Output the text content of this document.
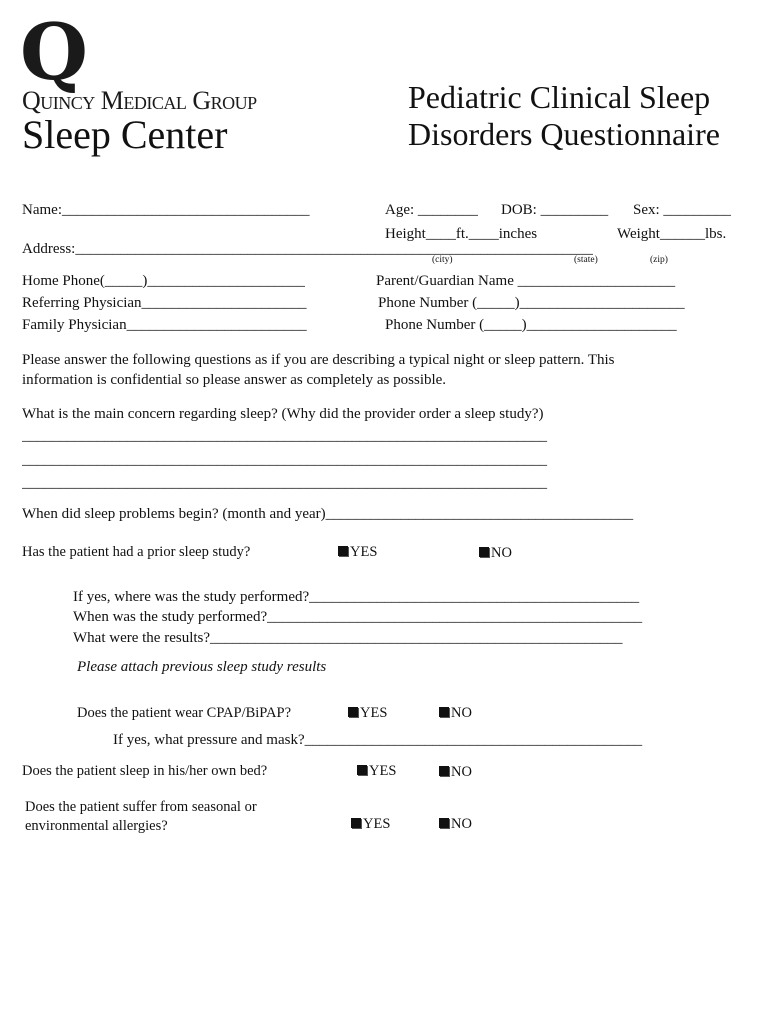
Q
Quincy Medical Group
Sleep Center
Pediatric Clinical Sleep
Disorders Questionnaire
Name:_________________________________	Age: ________ DOB: _________ Sex: _________
Height____ft.____inches	Weight______lbs.
Address:_____________________________________________________________________
(city)	(state)	(zip)
Home Phone(_____)_____________________	Parent/Guardian Name _____________________
Referring Physician______________________	Phone Number (_____)______________________
Family Physician________________________	Phone Number (_____)____________________
Please answer the following questions as if you are describing a typical night or sleep pattern. This
information is confidential so please answer as completely as possible.
What is the main concern regarding sleep? (Why did the provider order a sleep study?)
______________________________________________________________________
______________________________________________________________________
______________________________________________________________________
When did sleep problems begin? (month and year)_________________________________________
Has the patient had a prior sleep study?	YES	NO
If yes, where was the study performed?____________________________________________
When was the study performed?__________________________________________________
What were the results?_______________________________________________________
Please attach previous sleep study results
Does the patient wear CPAP/BiPAP?	YES	NO
If yes, what pressure and mask?_____________________________________________
Does the patient sleep in his/her own bed?	YES	NO
Does the patient suffer from seasonal or
environmental allergies?	YES	NO
